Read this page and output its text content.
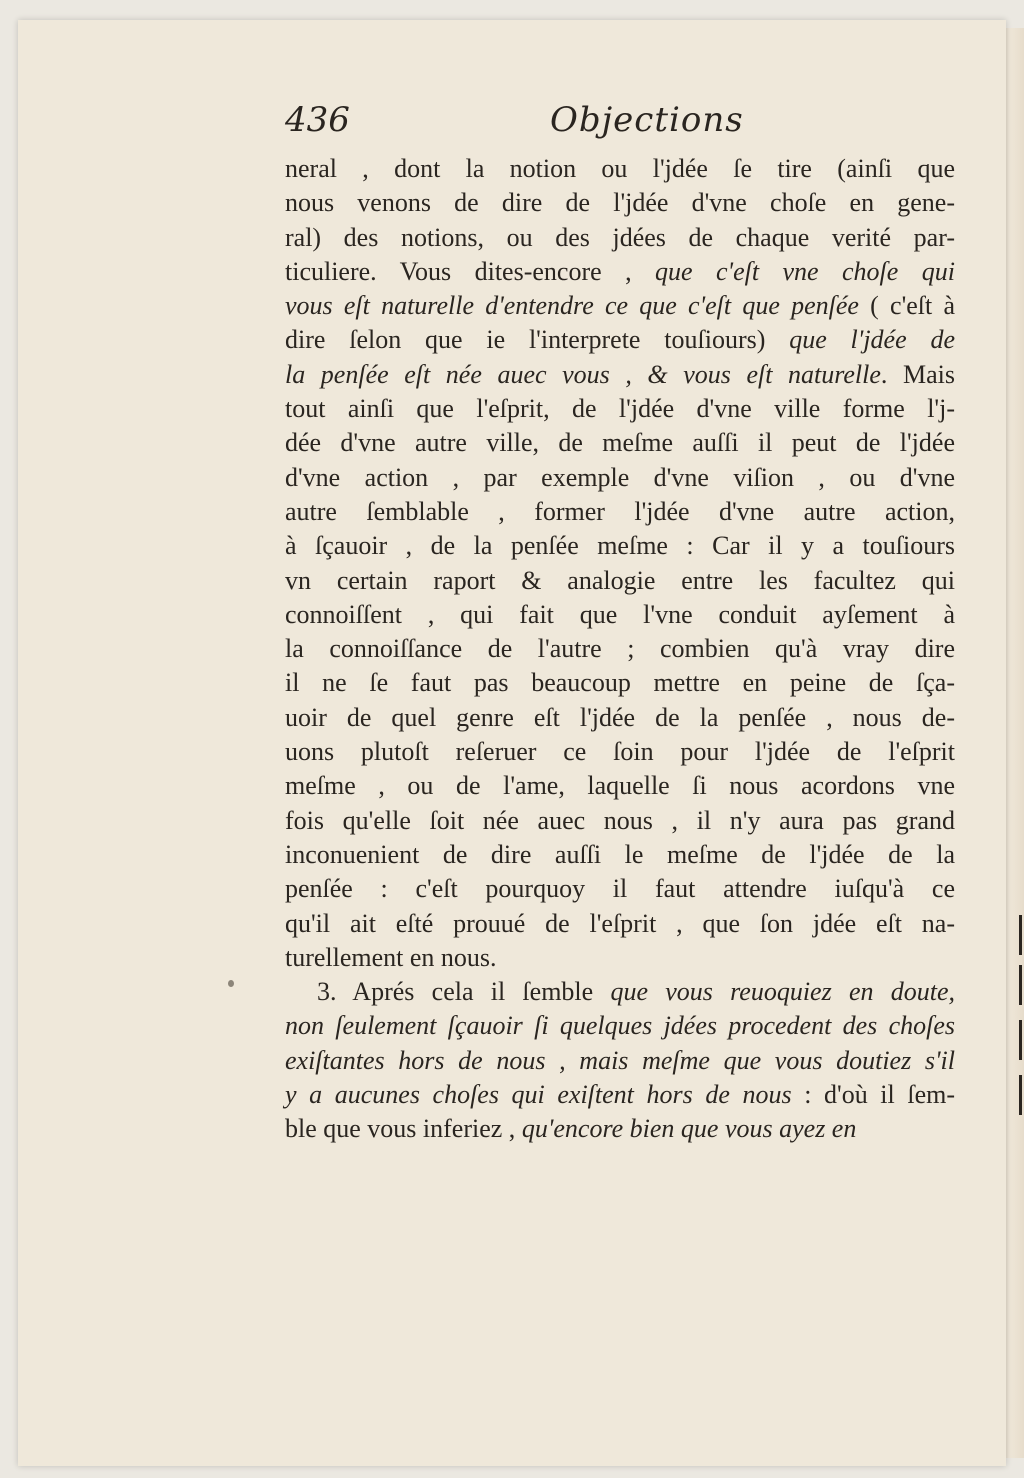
436	Objections
neral , dont la notion ou l'jdée ſe tire (ainſi que
nous venons de dire de l'jdée d'vne choſe en gene-
ral) des notions, ou des jdées de chaque verité par-
ticuliere. Vous dites-encore , que c'eſt vne choſe qui
vous eſt naturelle d'entendre ce que c'eſt que penſée ( c'eſt à
dire ſelon que ie l'interprete touſiours) que l'jdée de
la penſée eſt née auec vous , & vous eſt naturelle. Mais
tout ainſi que l'eſprit, de l'jdée d'vne ville forme l'j-
dée d'vne autre ville, de meſme auſſi il peut de l'jdée
d'vne action , par exemple d'vne viſion , ou d'vne
autre ſemblable , former l'jdée d'vne autre action,
à ſçauoir , de la penſée meſme : Car il y a touſiours
vn certain raport & analogie entre les facultez qui
connoiſſent , qui fait que l'vne conduit ayſement à
la connoiſſance de l'autre ; combien qu'à vray dire
il ne ſe faut pas beaucoup mettre en peine de ſça-
uoir de quel genre eſt l'jdée de la penſée , nous de-
uons plutoſt reſeruer ce ſoin pour l'jdée de l'eſprit
meſme , ou de l'ame, laquelle ſi nous acordons vne
fois qu'elle ſoit née auec nous , il n'y aura pas grand
inconuenient de dire auſſi le meſme de l'jdée de la
penſée : c'eſt pourquoy il faut attendre iuſqu'à ce
qu'il ait eſté prouué de l'eſprit , que ſon jdée eſt na-
turellement en nous.
3. Aprés cela il ſemble que vous reuoquiez en doute,
non ſeulement ſçauoir ſi quelques jdées procedent des choſes
exiſtantes hors de nous , mais meſme que vous doutiez s'il
y a aucunes choſes qui exiſtent hors de nous : d'où il ſem-
ble que vous inferiez , qu'encore bien que vous ayez en
